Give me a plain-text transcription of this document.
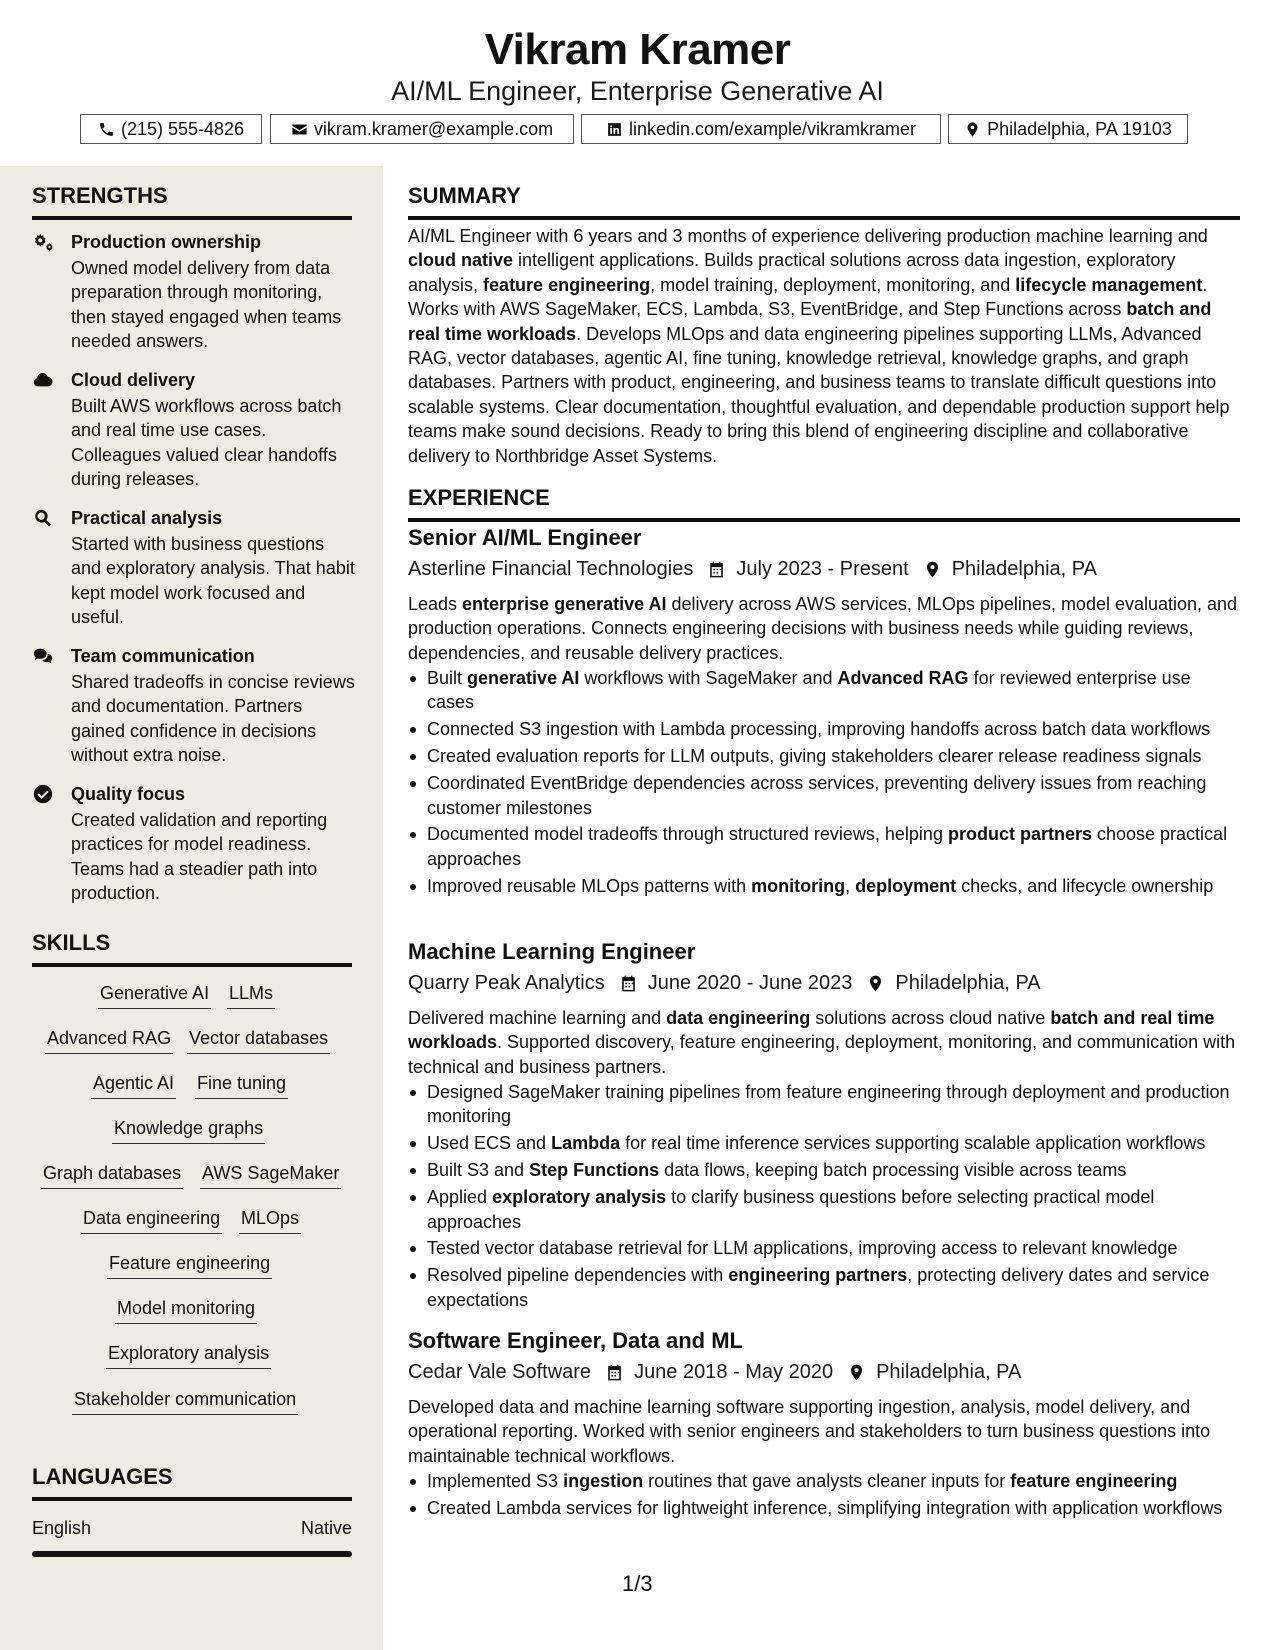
Vikram Kramer
AI/ML Engineer, Enterprise Generative AI
(215) 555-4826	vikram.kramer@example.com	linkedin.com/example/vikramkramer	Philadelphia, PA 19103
STRENGTHS
Production ownership
Owned model delivery from data preparation through monitoring, then stayed engaged when teams needed answers.
Cloud delivery
Built AWS workflows across batch and real time use cases. Colleagues valued clear handoffs during releases.
Practical analysis
Started with business questions and exploratory analysis. That habit kept model work focused and useful.
Team communication
Shared tradeoffs in concise reviews and documentation. Partners gained confidence in decisions without extra noise.
Quality focus
Created validation and reporting practices for model readiness. Teams had a steadier path into production.
SKILLS
Generative AI LLMs
Advanced RAG Vector databases
Agentic AI Fine tuning
Knowledge graphs
Graph databases AWS SageMaker
Data engineering MLOps
Feature engineering
Model monitoring
Exploratory analysis
Stakeholder communication
LANGUAGES
English	Native
SUMMARY
AI/ML Engineer with 6 years and 3 months of experience delivering production machine learning and cloud native intelligent applications. Builds practical solutions across data ingestion, exploratory analysis, feature engineering, model training, deployment, monitoring, and lifecycle management. Works with AWS SageMaker, ECS, Lambda, S3, EventBridge, and Step Functions across batch and real time workloads. Develops MLOps and data engineering pipelines supporting LLMs, Advanced RAG, vector databases, agentic AI, fine tuning, knowledge retrieval, knowledge graphs, and graph databases. Partners with product, engineering, and business teams to translate difficult questions into scalable systems. Clear documentation, thoughtful evaluation, and dependable production support help teams make sound decisions. Ready to bring this blend of engineering discipline and collaborative delivery to Northbridge Asset Systems.
EXPERIENCE
Senior AI/ML Engineer
Asterline Financial Technologies July 2023 - Present Philadelphia, PA
Leads enterprise generative AI delivery across AWS services, MLOps pipelines, model evaluation, and production operations. Connects engineering decisions with business needs while guiding reviews, dependencies, and reusable delivery practices.
Built generative AI workflows with SageMaker and Advanced RAG for reviewed enterprise use cases
Connected S3 ingestion with Lambda processing, improving handoffs across batch data workflows
Created evaluation reports for LLM outputs, giving stakeholders clearer release readiness signals
Coordinated EventBridge dependencies across services, preventing delivery issues from reaching customer milestones
Documented model tradeoffs through structured reviews, helping product partners choose practical approaches
Improved reusable MLOps patterns with monitoring, deployment checks, and lifecycle ownership
Machine Learning Engineer
Quarry Peak Analytics June 2020 - June 2023 Philadelphia, PA
Delivered machine learning and data engineering solutions across cloud native batch and real time workloads. Supported discovery, feature engineering, deployment, monitoring, and communication with technical and business partners.
Designed SageMaker training pipelines from feature engineering through deployment and production monitoring
Used ECS and Lambda for real time inference services supporting scalable application workflows
Built S3 and Step Functions data flows, keeping batch processing visible across teams
Applied exploratory analysis to clarify business questions before selecting practical model approaches
Tested vector database retrieval for LLM applications, improving access to relevant knowledge
Resolved pipeline dependencies with engineering partners, protecting delivery dates and service expectations
Software Engineer, Data and ML
Cedar Vale Software June 2018 - May 2020 Philadelphia, PA
Developed data and machine learning software supporting ingestion, analysis, model delivery, and operational reporting. Worked with senior engineers and stakeholders to turn business questions into maintainable technical workflows.
Implemented S3 ingestion routines that gave analysts cleaner inputs for feature engineering
Created Lambda services for lightweight inference, simplifying integration with application workflows
1/3
